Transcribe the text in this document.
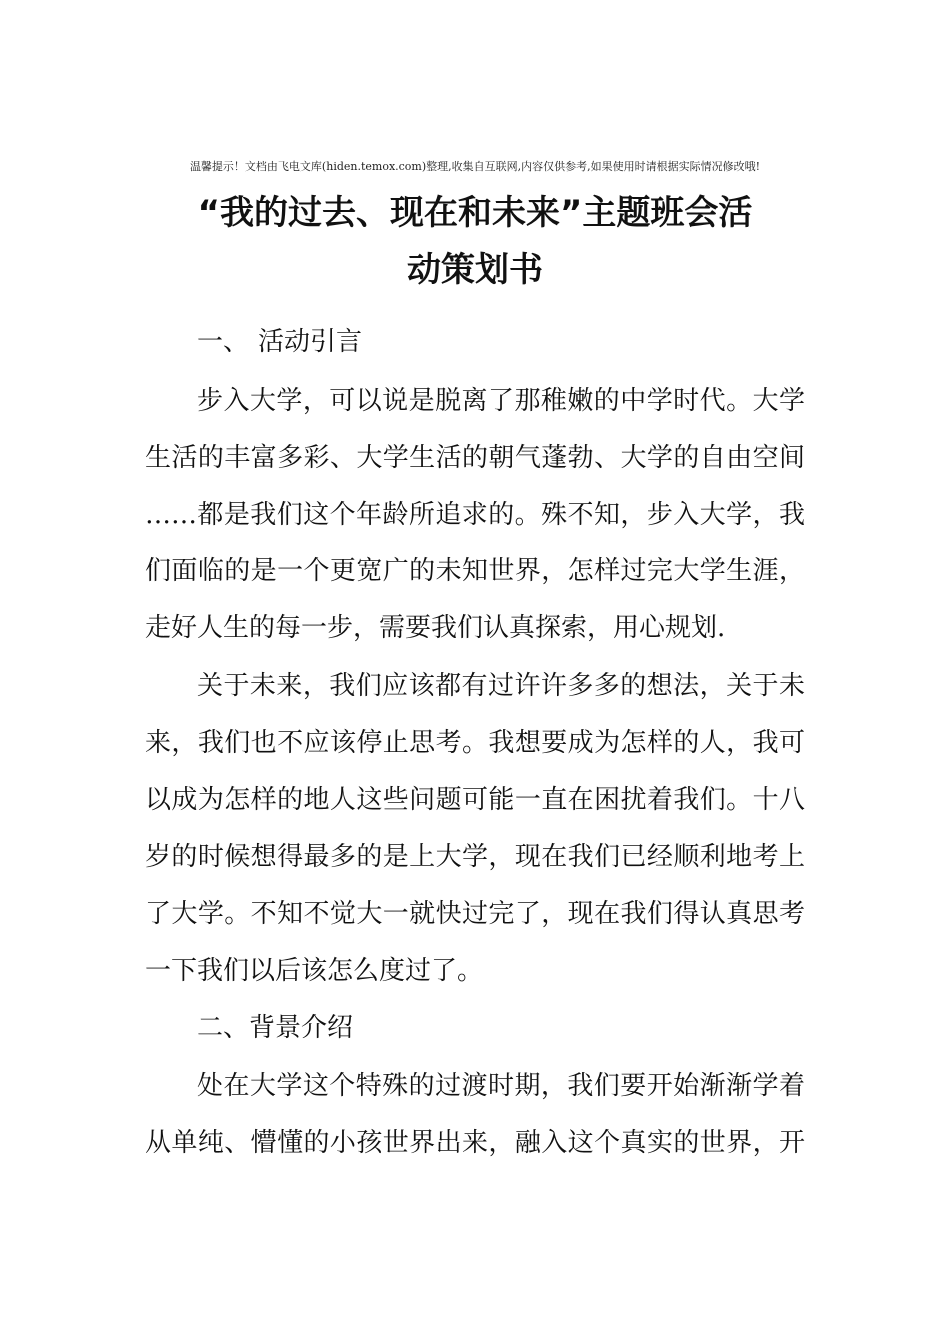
温馨提示！文档由飞电文库(hiden.temox.com)整理,收集自互联网,内容仅供参考,如果使用时请根据实际情况修改哦!
“我的过去、现在和未来”主题班会活
动策划书
一、 活动引言
步入大学，可以说是脱离了那稚嫩的中学时代。大学
生活的丰富多彩、大学生活的朝气蓬勃、大学的自由空间
……都是我们这个年龄所追求的。殊不知，步入大学，我
们面临的是一个更宽广的未知世界，怎样过完大学生涯，
走好人生的每一步，需要我们认真探索，用心规划.
关于未来，我们应该都有过许许多多的想法，关于未
来，我们也不应该停止思考。我想要成为怎样的人，我可
以成为怎样的地人这些问题可能一直在困扰着我们。十八
岁的时候想得最多的是上大学，现在我们已经顺利地考上
了大学。不知不觉大一就快过完了，现在我们得认真思考
一下我们以后该怎么度过了。
二、背景介绍
处在大学这个特殊的过渡时期，我们要开始渐渐学着
从单纯、懵懂的小孩世界出来，融入这个真实的世界，开
